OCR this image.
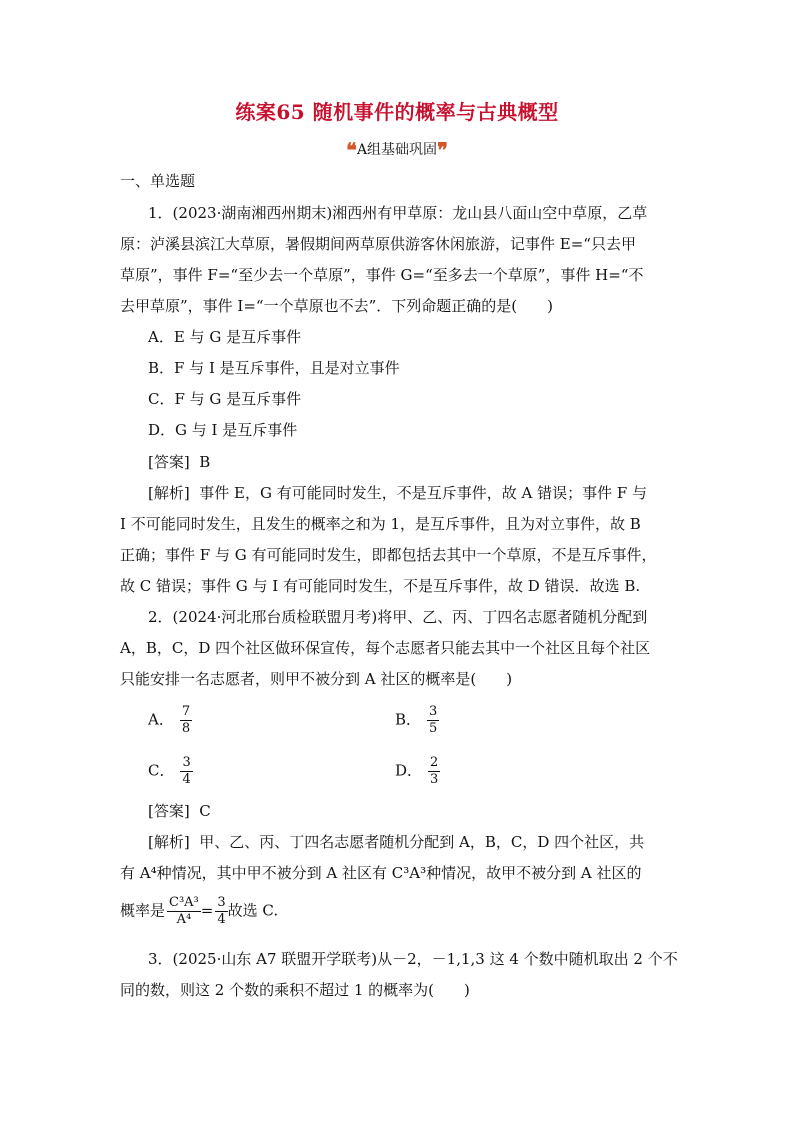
练案65 随机事件的概率与古典概型
❝A组基础巩固❞
一、单选题
1．(2023·湖南湘西州期末)湘西州有甲草原：龙山县八面山空中草原，乙草
原：泸溪县滨江大草原，暑假期间两草原供游客休闲旅游，记事件 E=“只去甲
草原”，事件 F=“至少去一个草原”，事件 G=“至多去一个草原”，事件 H=“不
去甲草原”，事件 I=“一个草原也不去”．下列命题正确的是(　　)
A．E 与 G 是互斥事件
B．F 与 I 是互斥事件，且是对立事件
C．F 与 G 是互斥事件
D．G 与 I 是互斥事件
[答案] B
[解析] 事件 E，G 有可能同时发生，不是互斥事件，故 A 错误；事件 F 与
I 不可能同时发生，且发生的概率之和为 1，是互斥事件，且为对立事件，故 B
正确；事件 F 与 G 有可能同时发生，即都包括去其中一个草原，不是互斥事件，
故 C 错误；事件 G 与 I 有可能同时发生，不是互斥事件，故 D 错误．故选 B.
2．(2024·河北邢台质检联盟月考)将甲、乙、丙、丁四名志愿者随机分配到
A，B，C，D 四个社区做环保宣传，每个志愿者只能去其中一个社区且每个社区
只能安排一名志愿者，则甲不被分到 A 社区的概率是(　　)
A． $\frac{7}{8}$	B． $\frac{3}{5}$
C． $\frac{3}{4}$	D． $\frac{2}{3}$
[答案] C
[解析] 甲、乙、丙、丁四名志愿者随机分配到 A，B，C，D 四个社区，共
有 A⁴种情况，其中甲不被分到 A 社区有 C³A³种情况，故甲不被分到 A 社区的
概率是 $\frac{\text{C³A³}}{\text{A⁴}} = \frac{3}{4}$ 故选 C.
3．(2025·山东 A7 联盟开学联考)从－2，－1,1,3 这 4 个数中随机取出 2 个不
同的数，则这 2 个数的乘积不超过 1 的概率为(　　)
